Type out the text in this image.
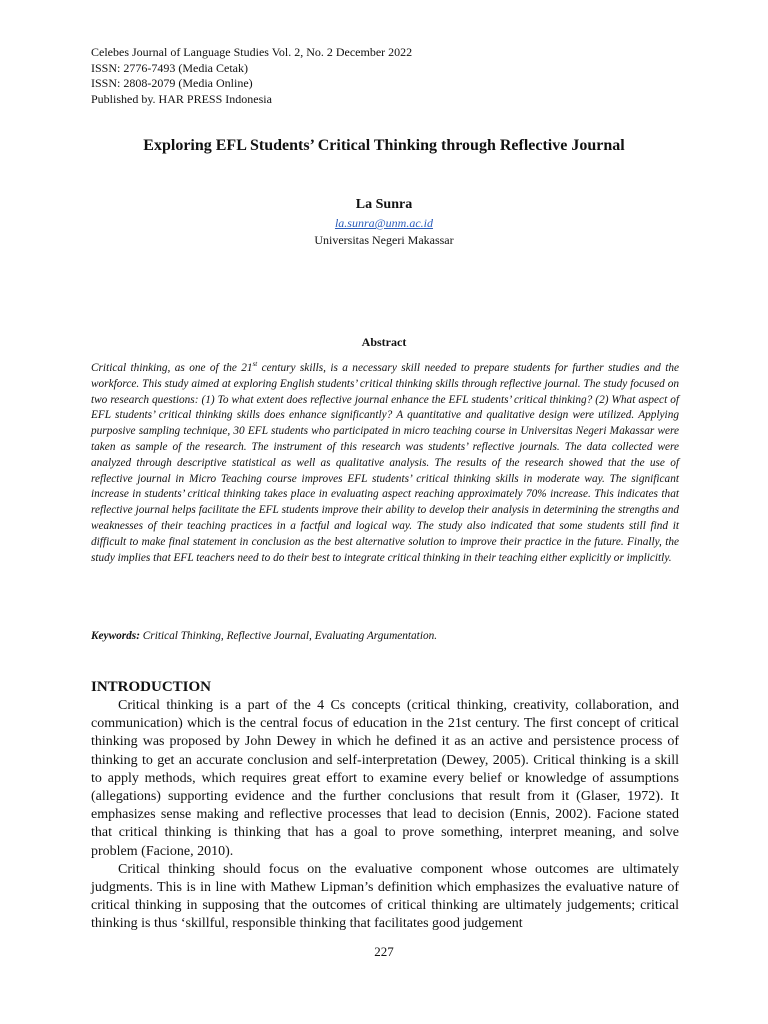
Celebes Journal of Language Studies Vol. 2, No. 2 December 2022
ISSN: 2776-7493 (Media Cetak)
ISSN: 2808-2079 (Media Online)
Published by. HAR PRESS Indonesia
Exploring EFL Students’ Critical Thinking through Reflective Journal
La Sunra
la.sunra@unm.ac.id
Universitas Negeri Makassar
Abstract

Critical thinking, as one of the 21st century skills, is a necessary skill needed to prepare students for further studies and the workforce. This study aimed at exploring English students’ critical thinking skills through reflective journal. The study focused on two research questions: (1) To what extent does reflective journal enhance the EFL students’ critical thinking? (2) What aspect of EFL students’ critical thinking skills does enhance significantly? A quantitative and qualitative design were utilized. Applying purposive sampling technique, 30 EFL students who participated in micro teaching course in Universitas Negeri Makassar were taken as sample of the research. The instrument of this research was students’ reflective journals. The data collected were analyzed through descriptive statistical as well as qualitative analysis. The results of the research showed that the use of reflective journal in Micro Teaching course improves EFL students’ critical thinking skills in moderate way. The significant increase in students’ critical thinking takes place in evaluating aspect reaching approximately 70% increase. This indicates that reflective journal helps facilitate the EFL students improve their ability to develop their analysis in determining the strengths and weaknesses of their teaching practices in a factful and logical way. The study also indicated that some students still find it difficult to make final statement in conclusion as the best alternative solution to improve their practice in the future. Finally, the study implies that EFL teachers need to do their best to integrate critical thinking in their teaching either explicitly or implicitly.

Keywords: Critical Thinking, Reflective Journal, Evaluating Argumentation.

INTRODUCTION

Critical thinking is a part of the 4 Cs concepts (critical thinking, creativity, collaboration, and communication) which is the central focus of education in the 21st century. The first concept of critical thinking was proposed by John Dewey in which he defined it as an active and persistence process of thinking to get an accurate conclusion and self-interpretation (Dewey, 2005). Critical thinking is a skill to apply methods, which requires great effort to examine every belief or knowledge of assumptions (allegations) supporting evidence and the further conclusions that result from it (Glaser, 1972). It emphasizes sense making and reflective processes that lead to decision (Ennis, 2002). Facione stated that critical thinking is thinking that has a goal to prove something, interpret meaning, and solve problem (Facione, 2010).

Critical thinking should focus on the evaluative component whose outcomes are ultimately judgments. This is in line with Mathew Lipman’s definition which emphasizes the evaluative nature of critical thinking in supposing that the outcomes of critical thinking are ultimately judgements; critical thinking is thus ‘skillful, responsible thinking that facilitates good judgement

227
